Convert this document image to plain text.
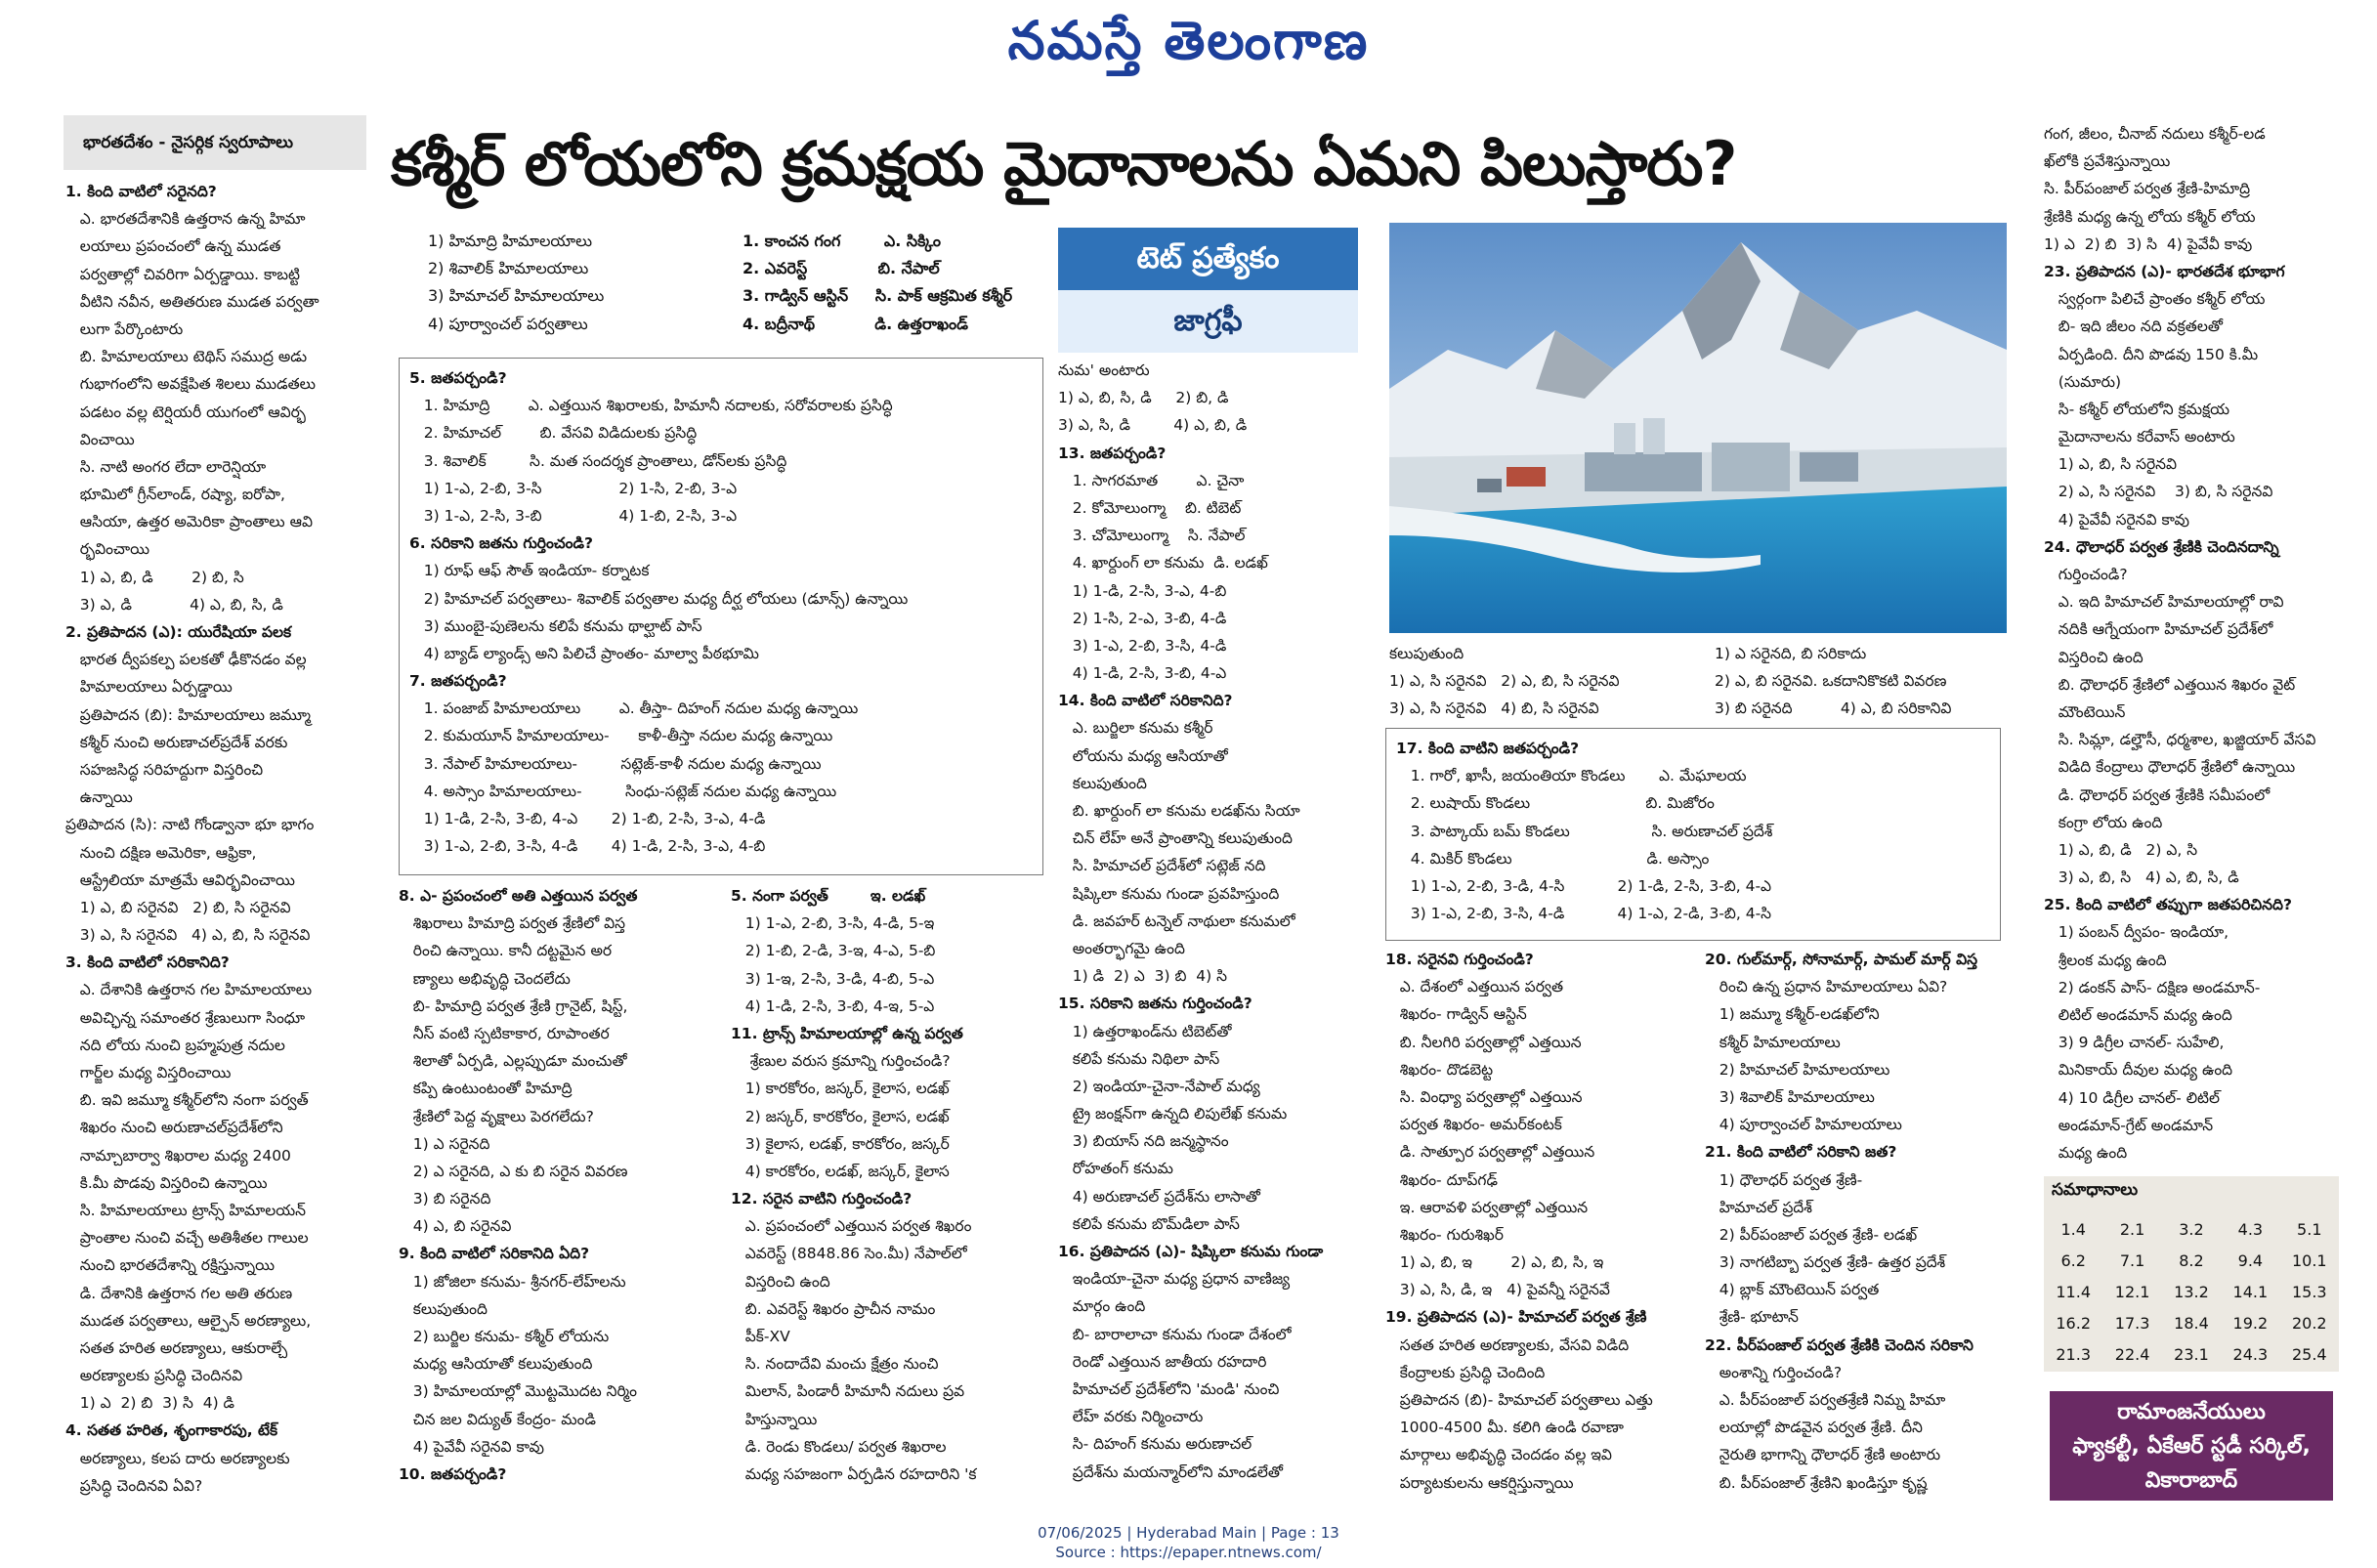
నమస్తే తెలంగాణ
భారతదేశం - నైసర్గిక స్వరూపాలు	కశ్మీర్ లోయలోని క్రమక్షయ మైదానాలను ఏమని పిలుస్తారు?
1. కింది వాటిలో సరైనది?
ఎ. భారతదేశానికి ఉత్తరాన ఉన్న హిమా
లయాలు ప్రపంచంలో ఉన్న ముడత
పర్వతాల్లో చివరిగా ఏర్పడ్డాయి. కాబట్టి
వీటిని నవీన, అతితరుణ ముడత పర్వతా
లుగా పేర్కొంటారు
బి. హిమాలయాలు టెథిస్ సముద్ర అడు
గుభాగంలోని అవక్షేపిత శిలలు ముడతలు
పడటం వల్ల టెర్షియరీ యుగంలో ఆవిర్భ
వించాయి
సి. నాటి అంగర లేదా లారెన్షియా
భూమిలో గ్రీన్‌లాండ్, రష్యా, ఐరోపా,
ఆసియా, ఉత్తర అమెరికా ప్రాంతాలు ఆవి
ర్భవించాయి
1) ఎ, బి, డి        2) బి, సి
3) ఎ, డి            4) ఎ, బి, సి, డి
2. ప్రతిపాదన (ఎ): యురేషియా పలక
భారత ద్వీపకల్ప పలకతో ఢీకొనడం వల్ల
హిమాలయాలు ఏర్పడ్డాయి
ప్రతిపాదన (బి): హిమాలయాలు జమ్మూ
కశ్మీర్ నుంచి అరుణాచల్‌ప్రదేశ్ వరకు
సహజసిద్ధ సరిహద్దుగా విస్తరించి
ఉన్నాయి
ప్రతిపాదన (సి): నాటి గోండ్వానా భూ భాగం
నుంచి దక్షిణ అమెరికా, ఆఫ్రికా,
ఆస్ట్రేలియా మాత్రమే ఆవిర్భవించాయి
1) ఎ, బి సరైనవి   2) బి, సి సరైనవి
3) ఎ, సి సరైనవి   4) ఎ, బి, సి సరైనవి
3. కింది వాటిలో సరికానిది?
ఎ. దేశానికి ఉత్తరాన గల హిమాలయాలు
అవిచ్ఛిన్న సమాంతర శ్రేణులుగా సింధూ
నది లోయ నుంచి బ్రహ్మపుత్ర నదుల
గార్జ్‌ల మధ్య విస్తరించాయి
బి. ఇవి జమ్మూ కశ్మీర్‌లోని నంగా పర్వత్
శిఖరం నుంచి అరుణాచల్‌ప్రదేశ్‌లోని
నామ్చాబార్వా శిఖరాల మధ్య 2400
కి.మీ పొడవు విస్తరించి ఉన్నాయి
సి. హిమాలయాలు ట్రాన్స్ హిమాలయన్
ప్రాంతాల నుంచి వచ్చే అతిశీతల గాలుల
నుంచి భారతదేశాన్ని రక్షిస్తున్నాయి
డి. దేశానికి ఉత్తరాన గల అతి తరుణ
ముడత పర్వతాలు, ఆల్పైన్ అరణ్యాలు,
సతత హరిత అరణ్యాలు, ఆకురాల్చే
అరణ్యాలకు ప్రసిద్ధి చెందినవి
1) ఎ  2) బి  3) సి  4) డి
4. సతత హరిత, శృంగాకారపు, టేక్
అరణ్యాలు, కలప దారు అరణ్యాలకు
ప్రసిద్ధి చెందినవి ఏవి?
1) హిమాద్రి హిమాలయాలు
2) శివాలిక్ హిమాలయాలు
3) హిమాచల్ హిమాలయాలు
4) పూర్వాంచల్ పర్వతాలు
1. కాంచన గంగ        ఎ. సిక్కిం
2. ఎవరెస్ట్             బి. నేపాల్
3. గాడ్విన్ ఆస్టిన్     సి. పాక్ ఆక్రమిత కశ్మీర్
4. బద్రీనాథ్           డి. ఉత్తరాఖండ్
5. జతపర్చండి?
1. హిమాద్రి        ఎ. ఎత్తయిన శిఖరాలకు, హిమానీ నదాలకు, సరోవరాలకు ప్రసిద్ధి
2. హిమాచల్        బి. వేసవి విడిదులకు ప్రసిద్ధి
3. శివాలిక్         సి. మత సందర్శక ప్రాంతాలు, డోన్‌లకు ప్రసిద్ధి
1) 1-ఎ, 2-బి, 3-సి                2) 1-సి, 2-బి, 3-ఎ
3) 1-ఎ, 2-సి, 3-బి                4) 1-బి, 2-సి, 3-ఎ
6. సరికాని జతను గుర్తించండి?
1) రూఫ్ ఆఫ్ సౌత్ ఇండియా- కర్నాటక
2) హిమాచల్ పర్వతాలు- శివాలిక్ పర్వతాల మధ్య దీర్ఘ లోయలు (డూన్స్) ఉన్నాయి
3) ముంబై-పుణెలను కలిపే కనుమ థాల్ఘాట్ పాస్
4) బ్యాడ్ ల్యాండ్స్ అని పిలిచే ప్రాంతం- మాల్వా పీఠభూమి
7. జతపర్చండి?
1. పంజాబ్ హిమాలయాలు        ఎ. తీస్తా- దిహంగ్ నదుల మధ్య ఉన్నాయి
2. కుమయూన్ హిమాలయాలు-      కాళీ-తీస్తా నదుల మధ్య ఉన్నాయి
3. నేపాల్ హిమాలయాలు-         సట్లెజ్-కాళీ నదుల మధ్య ఉన్నాయి
4. అస్సాం హిమాలయాలు-         సింధు-సట్లెజ్ నదుల మధ్య ఉన్నాయి
1) 1-డి, 2-సి, 3-బి, 4-ఎ       2) 1-బి, 2-సి, 3-ఎ, 4-డి
3) 1-ఎ, 2-బి, 3-సి, 4-డి       4) 1-డి, 2-సి, 3-ఎ, 4-బి
8. ఎ- ప్రపంచంలో అతి ఎత్తయిన పర్వత
శిఖరాలు హిమాద్రి పర్వత శ్రేణిలో విస్త
రించి ఉన్నాయి. కానీ దట్టమైన అర
ణ్యాలు అభివృద్ధి చెందలేదు
బి- హిమాద్రి పర్వత శ్రేణి గ్రానైట్, షిస్ట్,
నీస్ వంటి స్పటికాకార, రూపాంతర
శిలాతో ఏర్పడి, ఎల్లప్పుడూ మంచుతో
కప్పి ఉంటుంటంతో హిమాద్రి
శ్రేణిలో పెద్ద వృక్షాలు పెరగలేదు?
1) ఎ సరైనది
2) ఎ సరైనది, ఎ కు బి సరైన వివరణ
3) బి సరైనది
4) ఎ, బి సరైనవి
9. కింది వాటిలో సరికానిది ఏది?
1) జోజిలా కనుమ- శ్రీనగర్-లేహ్‌లను
కలుపుతుంది
2) బుర్జిల కనుమ- కశ్మీర్ లోయను
మధ్య ఆసియాతో కలుపుతుంది
3) హిమాలయాల్లో మొట్టమొదట నిర్మిం
చిన జల విద్యుత్ కేంద్రం- మండి
4) పైవేవీ సరైనవి కావు
10. జతపర్చండి?
5. నంగా పర్వత్        ఇ. లడఖ్
1) 1-ఎ, 2-బి, 3-సి, 4-డి, 5-ఇ
2) 1-బి, 2-డి, 3-ఇ, 4-ఎ, 5-బి
3) 1-ఇ, 2-సి, 3-డి, 4-బి, 5-ఎ
4) 1-డి, 2-సి, 3-బి, 4-ఇ, 5-ఎ
11. ట్రాన్స్ హిమాలయాల్లో ఉన్న పర్వత
శ్రేణుల వరుస క్రమాన్ని గుర్తించండి?
1) కారకోరం, జస్కర్, కైలాస, లడఖ్
2) జస్కర్, కారకోరం, కైలాస, లడఖ్
3) కైలాస, లడఖ్, కారకోరం, జస్కర్
4) కారకోరం, లడఖ్, జస్కర్, కైలాస
12. సరైన వాటిని గుర్తించండి?
ఎ. ప్రపంచంలో ఎత్తయిన పర్వత శిఖరం
ఎవరెస్ట్ (8848.86 సెం.మీ) నేపాల్‌లో
విస్తరించి ఉంది
బి. ఎవరెస్ట్ శిఖరం ప్రాచీన నామం
పీక్-XV
సి. నందాదేవి మంచు క్షేత్రం నుంచి
మిలాన్, పిండారీ హిమానీ నదులు ప్రవ
హిస్తున్నాయి
డి. రెండు కొండలు/ పర్వత శిఖరాల
మధ్య సహజంగా ఏర్పడిన రహదారిని 'క
టెట్ ప్రత్యేకం
జాగ్రఫీ
నుమ' అంటారు
1) ఎ, బి, సి, డి     2) బి, డి
3) ఎ, సి, డి         4) ఎ, బి, డి
13. జతపర్చండి?
1. సాగరమాత        ఎ. చైనా
2. కోమోలుంగ్మా    బి. టిబెట్
3. చోమోలుంగ్మా    సి. నేపాల్
4. ఖార్దుంగ్ లా కనుమ  డి. లడఖ్
1) 1-డి, 2-సి, 3-ఎ, 4-బి
2) 1-సి, 2-ఎ, 3-బి, 4-డి
3) 1-ఎ, 2-బి, 3-సి, 4-డి
4) 1-డి, 2-సి, 3-బి, 4-ఎ
14. కింది వాటిలో సరికానిది?
ఎ. బుర్జిలా కనుమ కశ్మీర్
లోయను మధ్య ఆసియాతో
కలుపుతుంది
బి. ఖార్దుంగ్ లా కనుమ లడఖ్‌ను సియా
చిన్ లేహ్ అనే ప్రాంతాన్ని కలుపుతుంది
సి. హిమాచల్ ప్రదేశ్‌లో సట్లెజ్ నది
షిప్కిలా కనుమ గుండా ప్రవహిస్తుంది
డి. జవహర్ టన్నెల్ నాథులా కనుమలో
అంతర్భాగమై ఉంది
1) డి  2) ఎ  3) బి  4) సి
15. సరికాని జతను గుర్తించండి?
1) ఉత్తరాఖండ్‌ను టిబెట్‌తో
కలిపే కనుమ నిథిలా పాస్
2) ఇండియా-చైనా-నేపాల్ మధ్య
ట్రై జంక్షన్‌గా ఉన్నది లిపులేఖ్ కనుమ
3) బియాస్ నది జన్మస్థానం
రోహతంగ్ కనుమ
4) అరుణాచల్ ప్రదేశ్‌ను లాసాతో
కలిపే కనుమ బొమ్‌డిలా పాస్
16. ప్రతిపాదన (ఎ)- షిప్కిలా కనుమ గుండా
ఇండియా-చైనా మధ్య ప్రధాన వాణిజ్య
మార్గం ఉంది
బి- బారాలాచా కనుమ గుండా దేశంలో
రెండో ఎత్తయిన జాతీయ రహదారి
హిమాచల్ ప్రదేశ్‌లోని 'మండి' నుంచి
లేహ్ వరకు నిర్మించారు
సి- దిహంగ్ కనుమ అరుణాచల్
ప్రదేశ్‌ను మయన్మార్‌లోని మాండలేతో
కలుపుతుంది
1) ఎ, సి సరైనవి   2) ఎ, బి, సి సరైనవి
3) ఎ, సి సరైనవి   4) బి, సి సరైనవి
1) ఎ సరైనది, బి సరికాదు
2) ఎ, బి సరైనవి. ఒకదానికొకటి వివరణ
3) బి సరైనది          4) ఎ, బి సరికానివి
17. కింది వాటిని జతపర్చండి?
1. గారో, ఖాసీ, జయంతియా కొండలు       ఎ. మేఘాలయ
2. లుషాయ్ కొండలు                        బి. మిజోరం
3. పాట్కాయ్ బమ్ కొండలు                 సి. అరుణాచల్ ప్రదేశ్
4. మికిర్ కొండలు                            డి. అస్సాం
1) 1-ఎ, 2-బి, 3-డి, 4-సి           2) 1-డి, 2-సి, 3-బి, 4-ఎ
3) 1-ఎ, 2-బి, 3-సి, 4-డి           4) 1-ఎ, 2-డి, 3-బి, 4-సి
18. సరైనవి గుర్తించండి?
ఎ. దేశంలో ఎత్తయిన పర్వత
శిఖరం- గాడ్విన్ ఆస్టిన్
బి. నీలగిరి పర్వతాల్లో ఎత్తయిన
శిఖరం- దొడబెట్ట
సి. వింధ్యా పర్వతాల్లో ఎత్తయిన
పర్వత శిఖరం- అమర్‌కంటక్
డి. సాత్పూర పర్వతాల్లో ఎత్తయిన
శిఖరం- దూప్‌గఢ్
ఇ. ఆరావళి పర్వతాల్లో ఎత్తయిన
శిఖరం- గురుశిఖర్
1) ఎ, బి, ఇ        2) ఎ, బి, సి, ఇ
3) ఎ, సి, డి, ఇ   4) పైవన్నీ సరైనవే
19. ప్రతిపాదన (ఎ)- హిమాచల్ పర్వత శ్రేణి
సతత హరిత అరణ్యాలకు, వేసవి విడిది
కేంద్రాలకు ప్రసిద్ధి చెందింది
ప్రతిపాదన (బి)- హిమాచల్ పర్వతాలు ఎత్తు
1000-4500 మీ. కలిగి ఉండి రవాణా
మార్గాలు అభివృద్ధి చెందడం వల్ల ఇవి
పర్యాటకులను ఆకర్షిస్తున్నాయి
20. గుల్‌మార్గ్, సోనామార్గ్, పామల్ మార్గ్ విస్త
రించి ఉన్న ప్రధాన హిమాలయాలు ఏవి?
1) జమ్మూ కశ్మీర్-లడఖ్‌లోని
కశ్మీర్ హిమాలయాలు
2) హిమాచల్ హిమాలయాలు
3) శివాలిక్ హిమాలయాలు
4) పూర్వాంచల్ హిమాలయాలు
21. కింది వాటిలో సరికాని జత?
1) ధౌలాధర్ పర్వత శ్రేణి-
హిమాచల్ ప్రదేశ్
2) పీర్‌పంజాల్ పర్వత శ్రేణి- లడఖ్
3) నాగటిబ్బా పర్వత శ్రేణి- ఉత్తర ప్రదేశ్
4) బ్లాక్ మౌంటెయిన్ పర్వత
శ్రేణి- భూటాన్
22. పీర్‌పంజాల్ పర్వత శ్రేణికి చెందిన సరికాని
అంశాన్ని గుర్తించండి?
ఎ. పీర్‌పంజాల్ పర్వతశ్రేణి నిమ్న హిమా
లయాల్లో పొడవైన పర్వత శ్రేణి. దీని
నైరుతి భాగాన్ని ధౌలాధర్ శ్రేణి అంటారు
బి. పీర్‌పంజాల్ శ్రేణిని ఖండిస్తూ కృష్ణ
గంగ, జీలం, చీనాబ్ నదులు కశ్మీర్-లడ
ఖ్‌లోకి ప్రవేశిస్తున్నాయి
సి. పీర్‌పంజాల్ పర్వత శ్రేణి-హిమాద్రి
శ్రేణికి మధ్య ఉన్న లోయ కశ్మీర్ లోయ
1) ఎ  2) బి  3) సి  4) పైవేవీ కావు
23. ప్రతిపాదన (ఎ)- భారతదేశ భూభాగ
స్వర్గంగా పిలిచే ప్రాంతం కశ్మీర్ లోయ
బి- ఇది జీలం నది వక్రతలతో
ఏర్పడింది. దీని పొడవు 150 కి.మీ
(సుమారు)
సి- కశ్మీర్ లోయలోని క్రమక్షయ
మైదానాలను కరేవాస్ అంటారు
1) ఎ, బి, సి సరైనవి
2) ఎ, సి సరైనవి    3) బి, సి సరైనవి
4) పైవేవీ సరైనవి కావు
24. ధౌలాధర్ పర్వత శ్రేణికి చెందినదాన్ని
గుర్తించండి?
ఎ. ఇది హిమాచల్ హిమాలయాల్లో రావి
నదికి ఆగ్నేయంగా హిమాచల్ ప్రదేశ్‌లో
విస్తరించి ఉంది
బి. ధౌలాధర్ శ్రేణిలో ఎత్తయిన శిఖరం వైట్
మౌంటెయిన్
సి. సిమ్లా, డల్హౌసీ, ధర్మశాల, ఖజ్జియార్ వేసవి
విడిది కేంద్రాలు ధౌలాధర్ శ్రేణిలో ఉన్నాయి
డి. ధౌలాధర్ పర్వత శ్రేణికి సమీపంలో
కంగ్రా లోయ ఉంది
1) ఎ, బి, డి   2) ఎ, సి
3) ఎ, బి, సి   4) ఎ, బి, సి, డి
25. కింది వాటిలో తప్పుగా జతపరిచినది?
1) పంబన్ ద్వీపం- ఇండియా,
శ్రీలంక మధ్య ఉంది
2) డంకన్ పాస్- దక్షిణ అండమాన్-
లిటిల్ అండమాన్ మధ్య ఉంది
3) 9 డిగ్రీల చానల్- సుహేలి,
మినికాయ్ దీవుల మధ్య ఉంది
4) 10 డిగ్రీల చానల్- లిటిల్
అండమాన్-గ్రేట్ అండమాన్
మధ్య ఉంది
సమాధానాలు
1.4	2.1	3.2	4.3	5.1
6.2	7.1	8.2	9.4	10.1
11.4	12.1	13.2	14.1	15.3
16.2	17.3	18.4	19.2	20.2
21.3	22.4	23.1	24.3	25.4
రామాంజనేయులు
ఫ్యాకల్టీ, ఏకేఆర్ స్టడీ సర్కిల్,
వికారాబాద్
07/06/2025 | Hyderabad Main | Page : 13
Source : https://epaper.ntnews.com/
